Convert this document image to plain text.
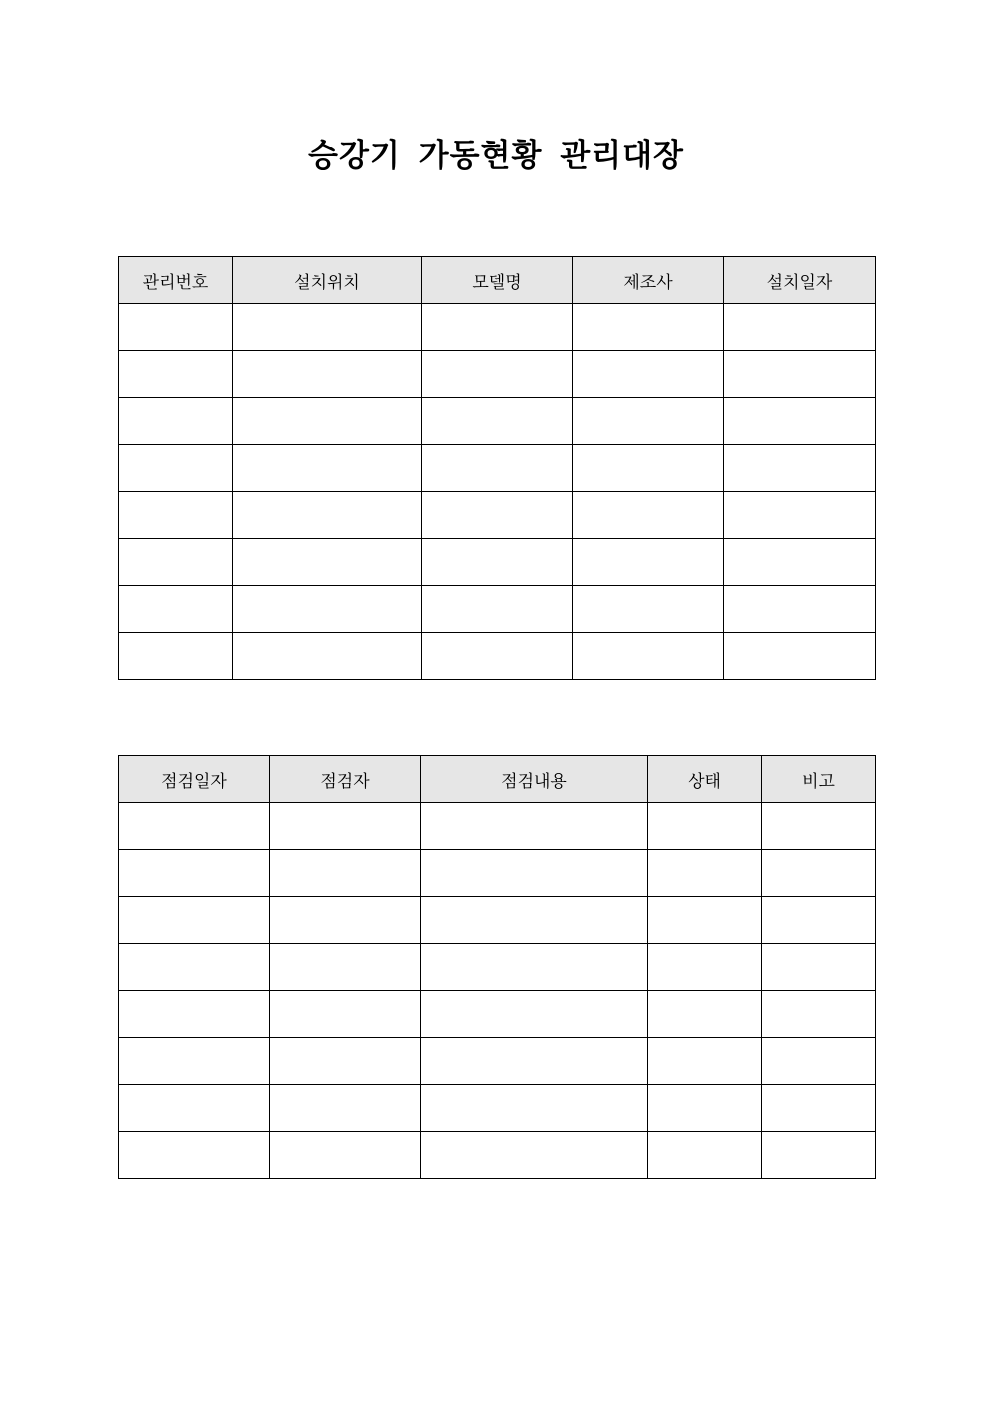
승강기 가동현황 관리대장
관리번호	설치위치	모델명	제조사	설치일자

점검일자	점검자	점검내용	상태	비고
